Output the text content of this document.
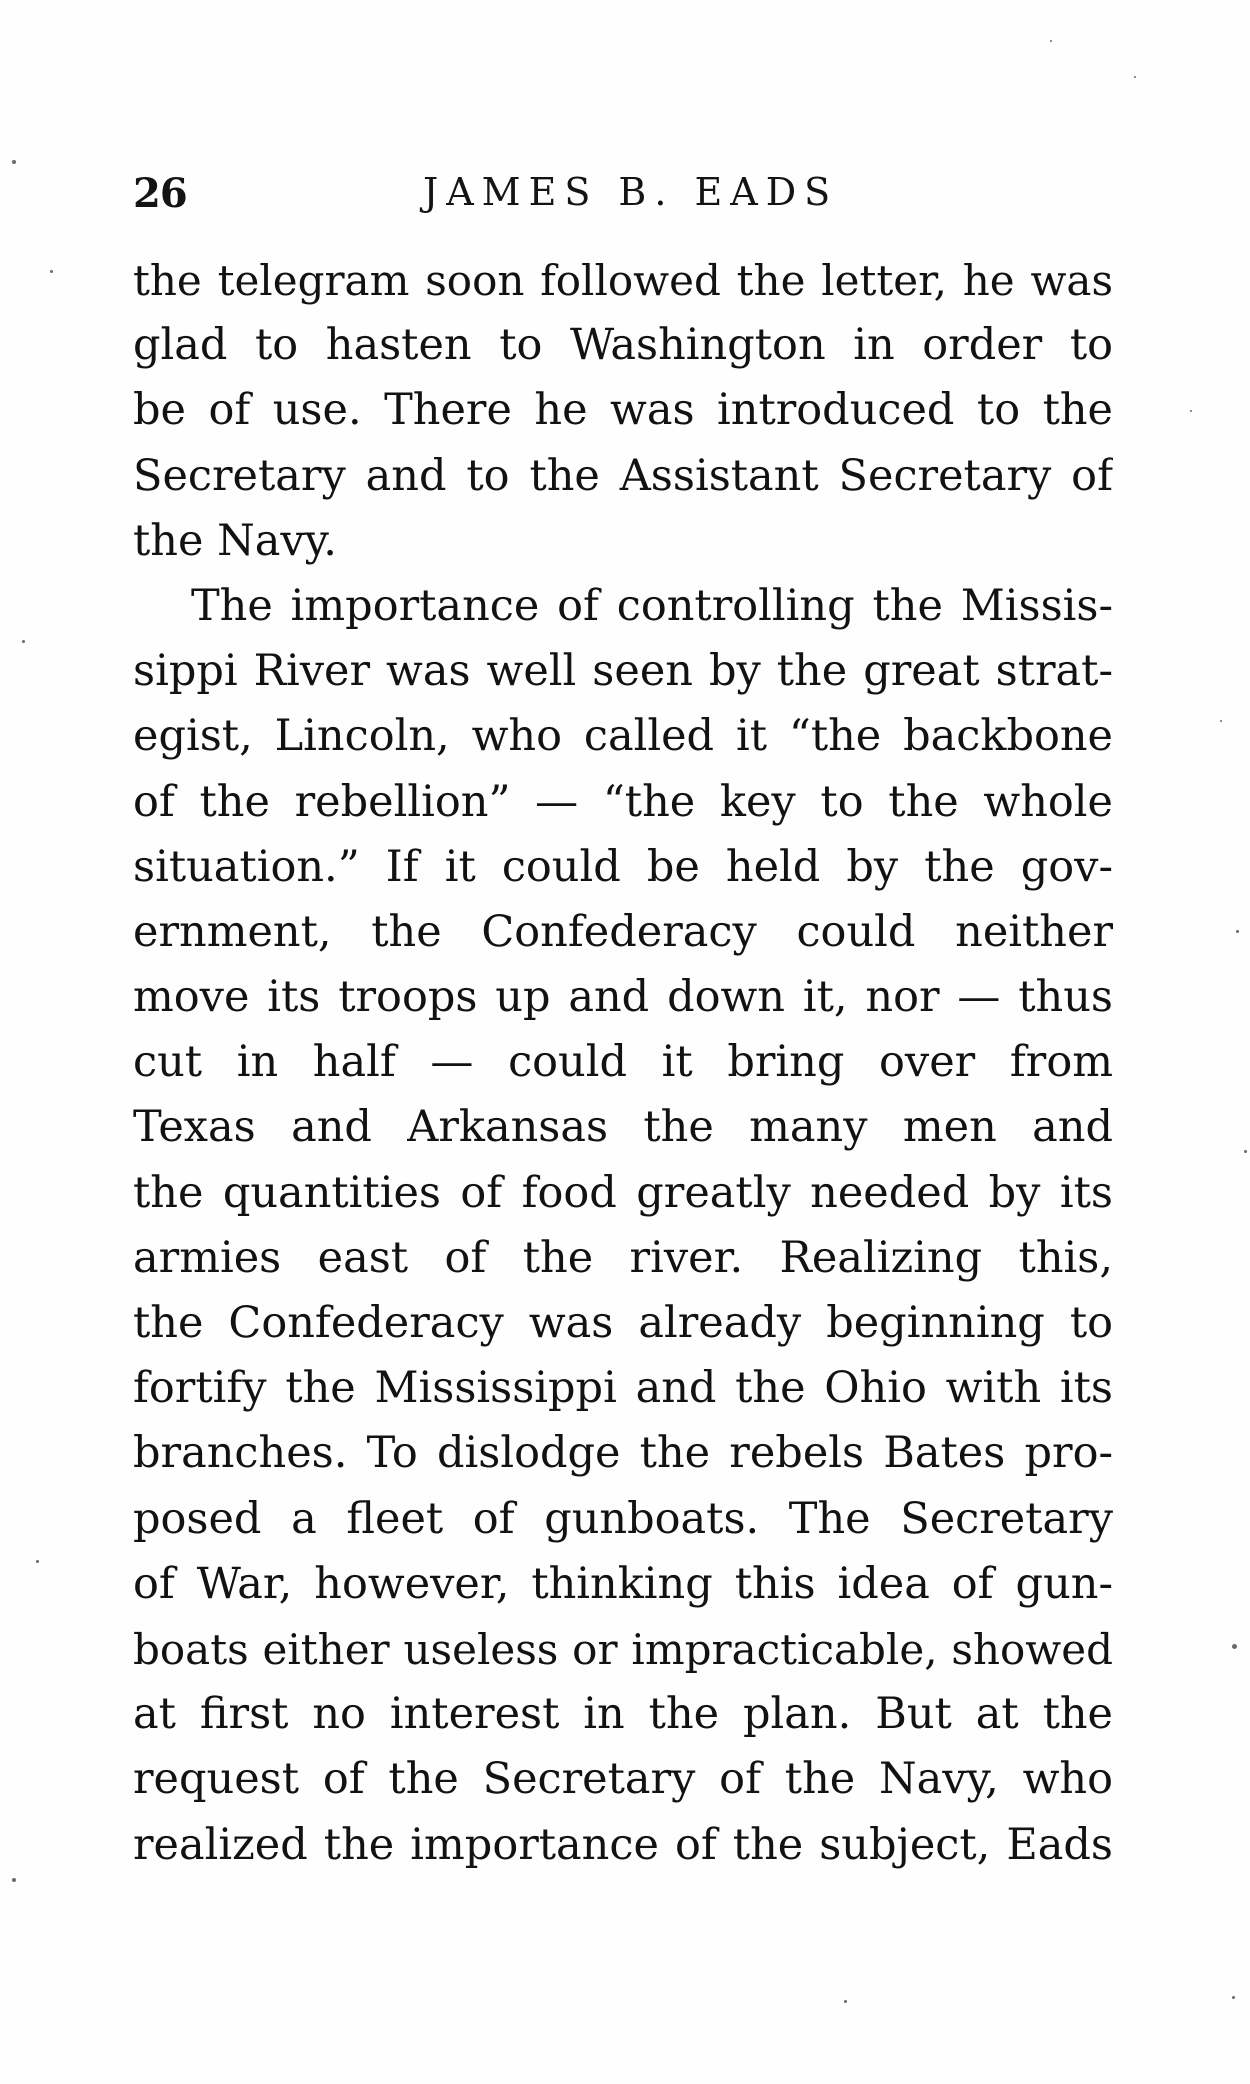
26	JAMES B. EADS
the telegram soon followed the letter, he was
glad to hasten to Washington in order to
be of use. There he was introduced to the
Secretary and to the Assistant Secretary of
the Navy.
The importance of controlling the Missis-
sippi River was well seen by the great strat-
egist, Lincoln, who called it “the backbone
of the rebellion” — “the key to the whole
situation.” If it could be held by the gov-
ernment, the Confederacy could neither
move its troops up and down it, nor — thus
cut in half — could it bring over from
Texas and Arkansas the many men and
the quantities of food greatly needed by its
armies east of the river. Realizing this,
the Confederacy was already beginning to
fortify the Mississippi and the Ohio with its
branches. To dislodge the rebels Bates pro-
posed a fleet of gunboats. The Secretary
of War, however, thinking this idea of gun-
boats either useless or impracticable, showed
at first no interest in the plan. But at the
request of the Secretary of the Navy, who
realized the importance of the subject, Eads
